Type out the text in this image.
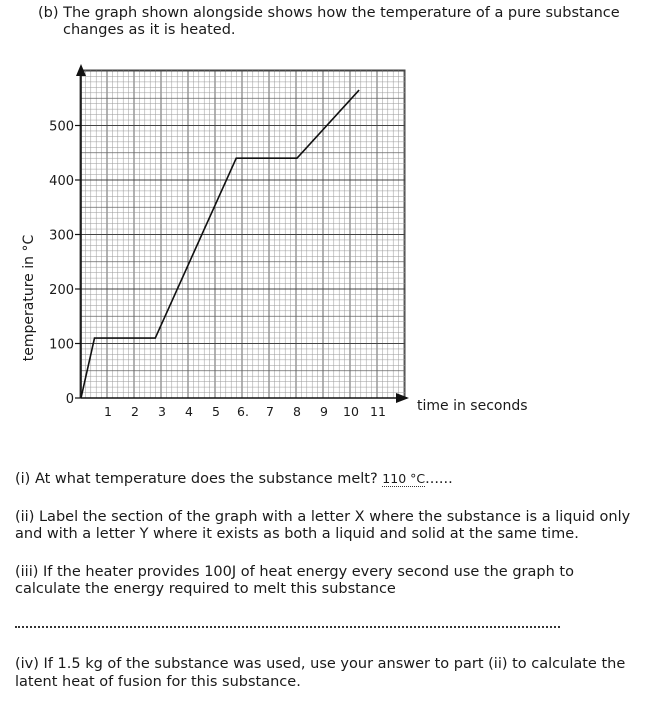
(b) The graph shown alongside shows how the temperature of a pure substance
changes as it is heated.
0
100
200
300
400
500
1 2 3 4 5 6. 7 8 9 10 11 time in seconds
temperature in °C
(i) At what temperature does the substance melt? 110 °C......
(ii) Label the section of the graph with a letter X where the substance is a liquid only
and with a letter Y where it exists as both a liquid and solid at the same time.
(iii) If the heater provides 100J of heat energy every second use the graph to
calculate the energy required to melt this substance
(iv) If 1.5 kg of the substance was used, use your answer to part (ii) to calculate the
latent heat of fusion for this substance.
